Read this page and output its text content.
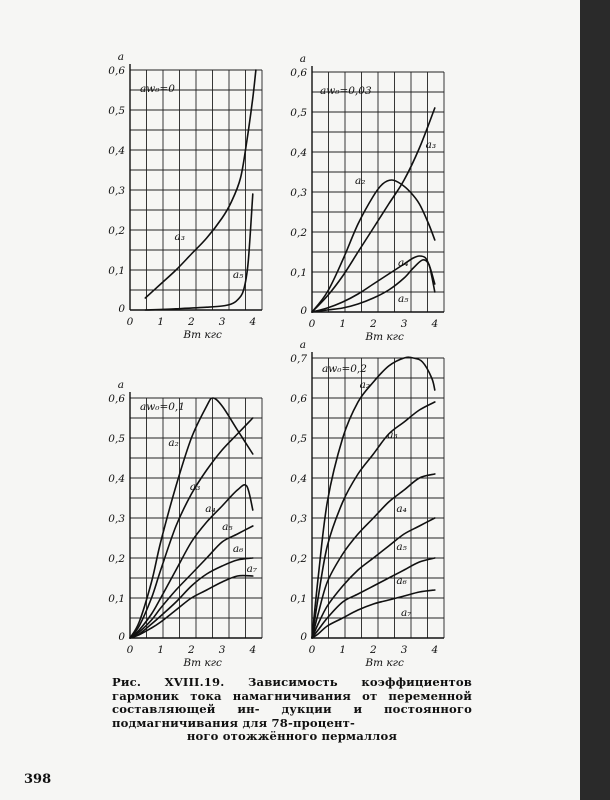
0
0,1
0,2
0,3
0,4
0,5
0,6
0 1 2 3 4
a
Bm кгс
aw₀=0
a₃
a₅
0
0,1
0,2
0,3
0,4
0,5
0,6
0 1 2 3 4
a
Bm кгс
aw₀=0,03
a₂
a₃
a₄
a₅
0
0,1
0,2
0,3
0,4
0,5
0,6
0 1 2 3 4
a
Bm кгс
aw₀=0,1
a₂
a₃
a₄
a₅
a₆
a₇
0
0,1
0,2
0,3
0,4
0,5
0,6
0,7
0 1 2 3 4
a
Bm кгс
aw₀=0,2
a₂
a₃
a₄
a₅
a₆
a₇
Рис. XVIII.19. Зависимость коэффициентов гармоник тока намагничивания от переменной составляющей ин- дукции и постоянного подмагничивания для 78-процент-
ного отожжённого пермаллоя
398
